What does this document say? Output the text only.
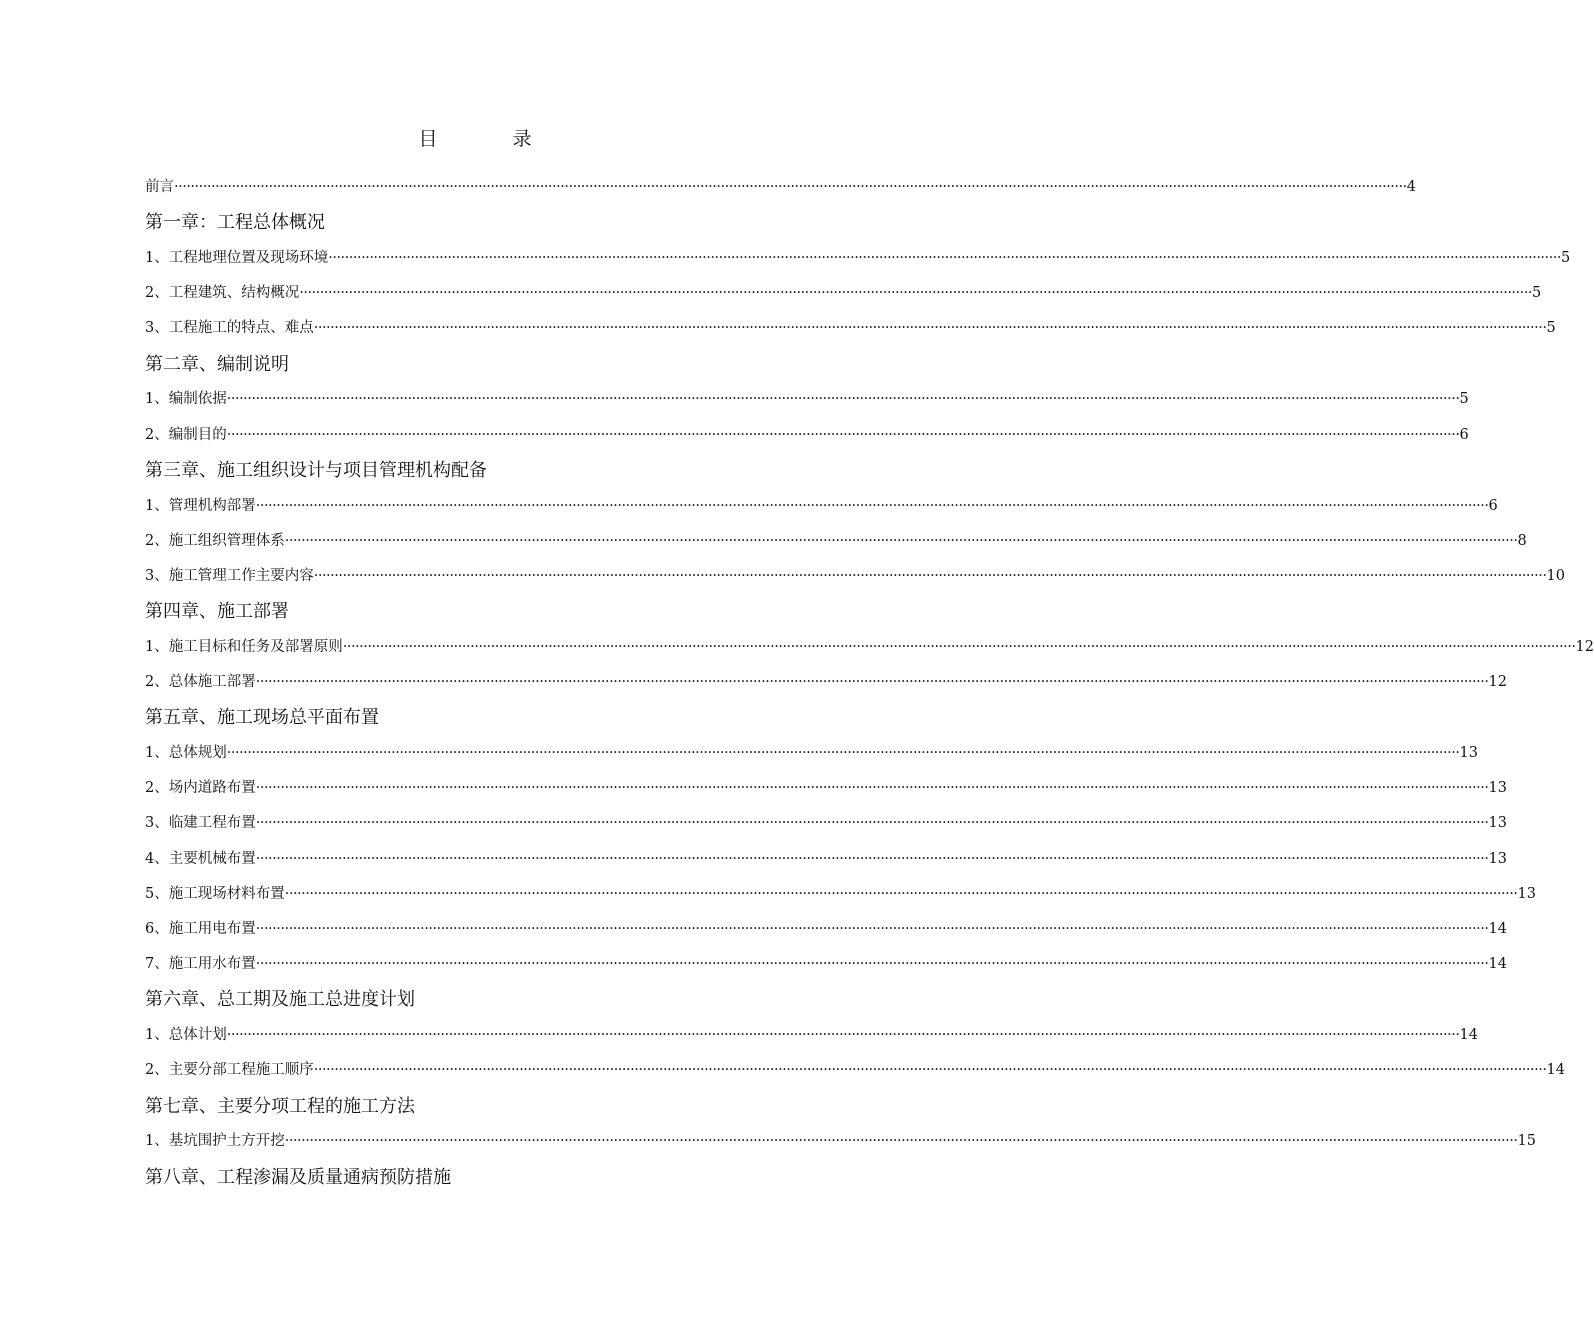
目　录
前言 ············································································································································································································································································································ 4
第一章：工程总体概况
1、工程地理位置及现场环境 ············································································································································································································································································································ 5
2、工程建筑、结构概况 ············································································································································································································································································································ 5
3、工程施工的特点、难点 ············································································································································································································································································································ 5
第二章、编制说明
1、编制依据 ············································································································································································································································································································ 5
2、编制目的 ············································································································································································································································································································ 6
第三章、施工组织设计与项目管理机构配备
1、管理机构部署 ············································································································································································································································································································ 6
2、施工组织管理体系 ············································································································································································································································································································ 8
3、施工管理工作主要内容 ············································································································································································································································································································ 10
第四章、施工部署
1、施工目标和任务及部署原则 ············································································································································································································································································································ 12
2、总体施工部署 ············································································································································································································································································································ 12
第五章、施工现场总平面布置
1、总体规划 ············································································································································································································································································································ 13
2、场内道路布置 ············································································································································································································································································································ 13
3、临建工程布置 ············································································································································································································································································································ 13
4、主要机械布置 ············································································································································································································································································································ 13
5、施工现场材料布置 ············································································································································································································································································································ 13
6、施工用电布置 ············································································································································································································································································································ 14
7、施工用水布置 ············································································································································································································································································································ 14
第六章、总工期及施工总进度计划
1、总体计划 ············································································································································································································································································································ 14
2、主要分部工程施工顺序 ············································································································································································································································································································ 14
第七章、主要分项工程的施工方法
1、基坑围护土方开挖 ············································································································································································································································································································ 15
第八章、工程渗漏及质量通病预防措施
